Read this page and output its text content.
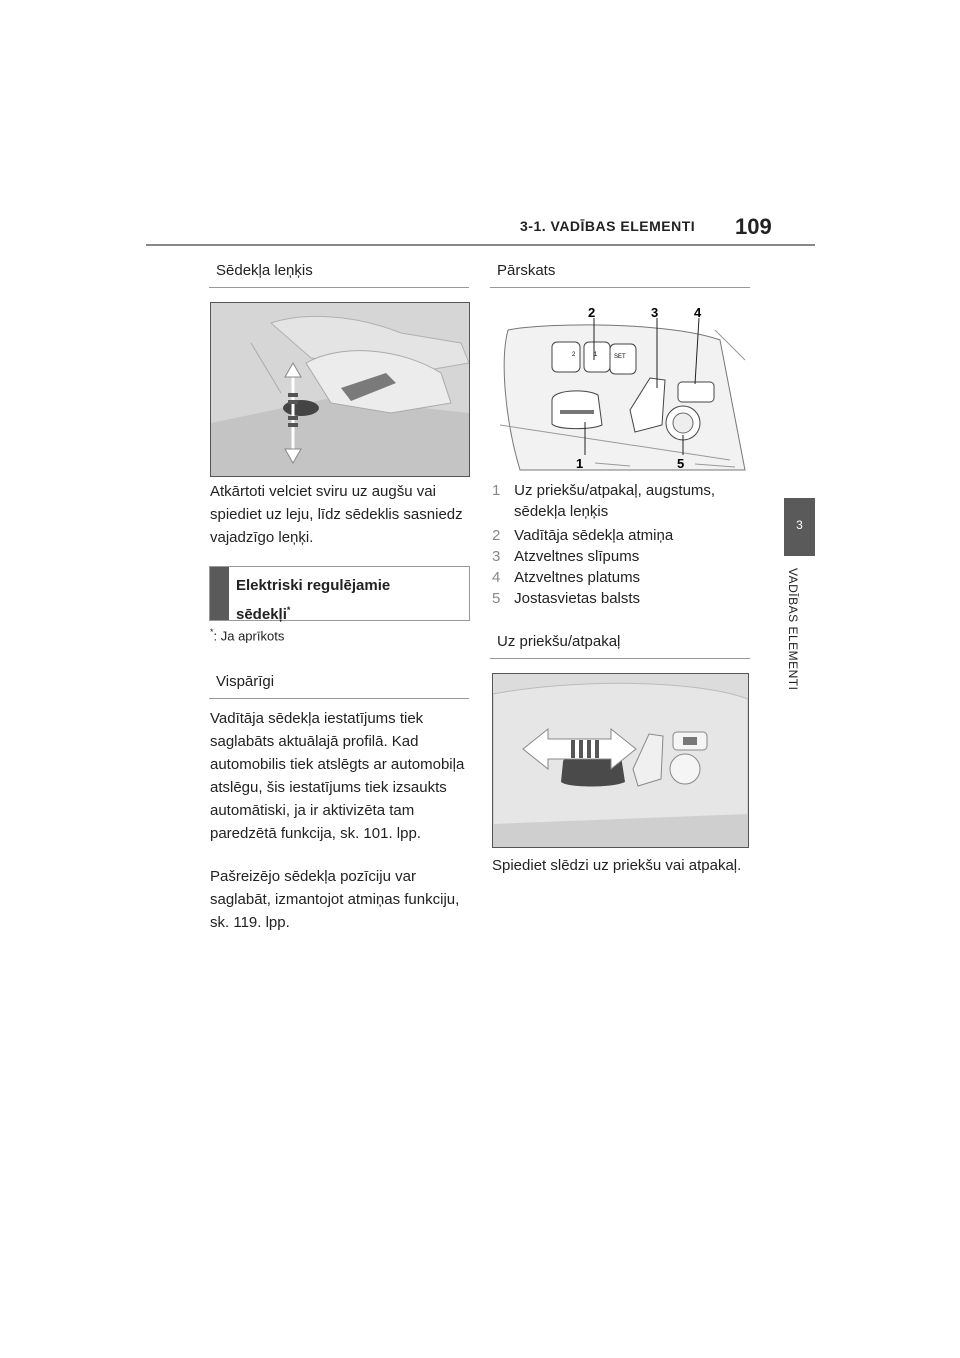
3-1. VADĪBAS ELEMENTI 109
3
VADĪBAS ELEMENTI
Sēdekļa leņķis
Atkārtoti velciet sviru uz augšu vai spiediet uz leju, līdz sēdeklis sasniedz vajadzīgo leņķi.
Elektriski regulējamie
sēdekļi*
*: Ja aprīkots
Vispārīgi
Vadītāja sēdekļa iestatījums tiek saglabāts aktuālajā profilā. Kad automobilis tiek atslēgts ar automobiļa atslēgu, šis iestatījums tiek izsaukts automātiski, ja ir aktivizēta tam paredzētā funkcija, sk. 101. lpp.
Pašreizējo sēdekļa pozīciju var saglabāt, izmantojot atmiņas funkciju, sk. 119. lpp.
Pārskats
2	1	SET
2	3	4
1	5
1 Uz priekšu/atpakaļ, augstums,
sēdekļa leņķis
2 Vadītāja sēdekļa atmiņa
3 Atzveltnes slīpums
4 Atzveltnes platums
5 Jostasvietas balsts
Uz priekšu/atpakaļ
Spiediet slēdzi uz priekšu vai atpakaļ.
